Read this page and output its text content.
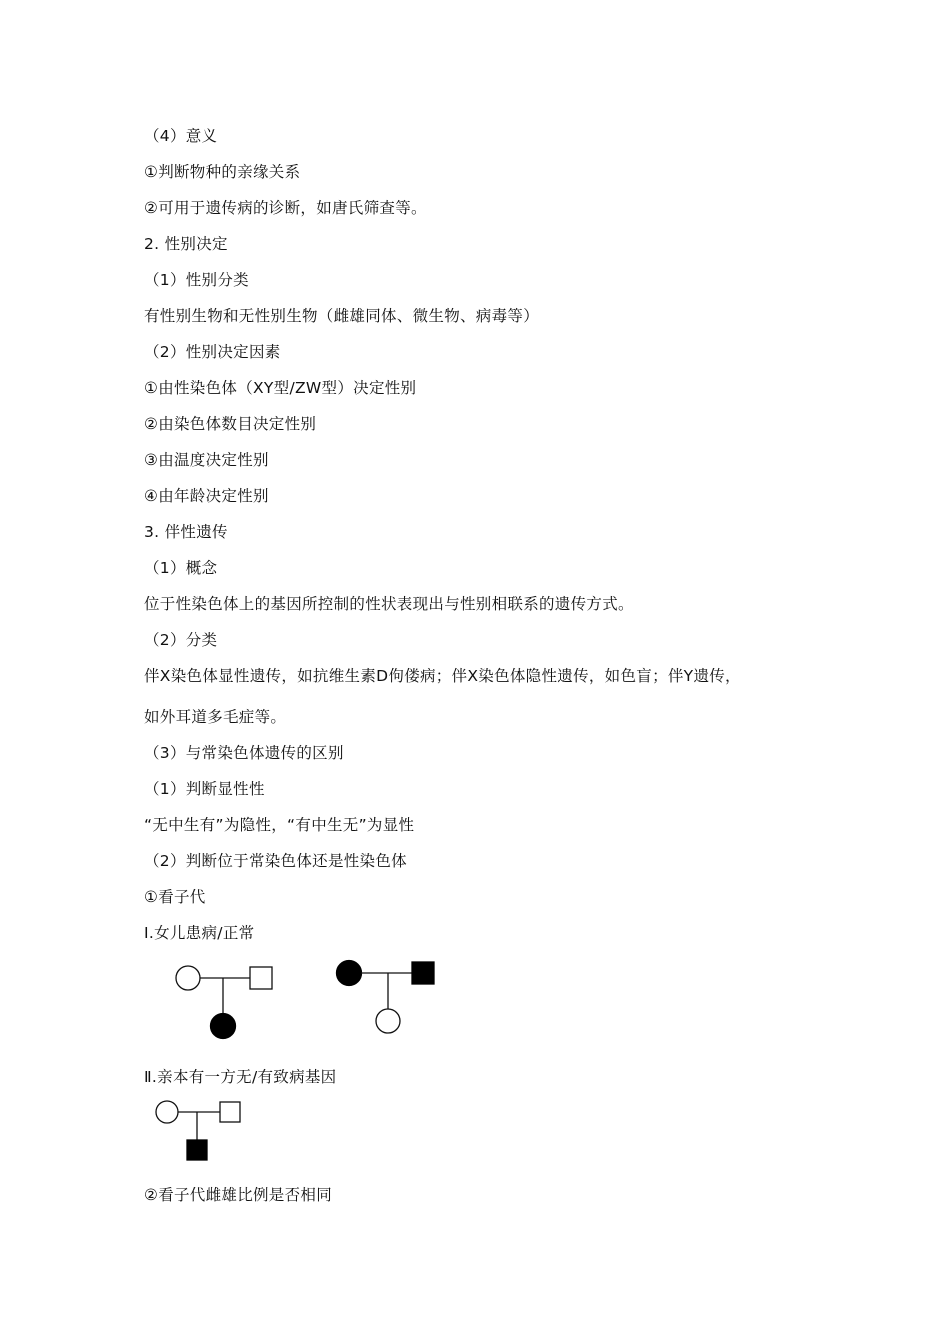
（4）意义
①判断物种的亲缘关系
②可用于遗传病的诊断，如唐氏筛查等。
2. 性别决定
（1）性别分类
有性别生物和无性别生物（雌雄同体、微生物、病毒等）
（2）性别决定因素
①由性染色体（XY型/ZW型）决定性别
②由染色体数目决定性别
③由温度决定性别
④由年龄决定性别
3. 伴性遗传
（1）概念
位于性染色体上的基因所控制的性状表现出与性别相联系的遗传方式。
（2）分类
伴X染色体显性遗传，如抗维生素D佝偻病；伴X染色体隐性遗传，如色盲；伴Y遗传，
如外耳道多毛症等。
（3）与常染色体遗传的区别
（1）判断显性性
“无中生有”为隐性，“有中生无”为显性
（2）判断位于常染色体还是性染色体
①看子代
Ⅰ.女儿患病/正常
Ⅱ.亲本有一方无/有致病基因
②看子代雌雄比例是否相同
